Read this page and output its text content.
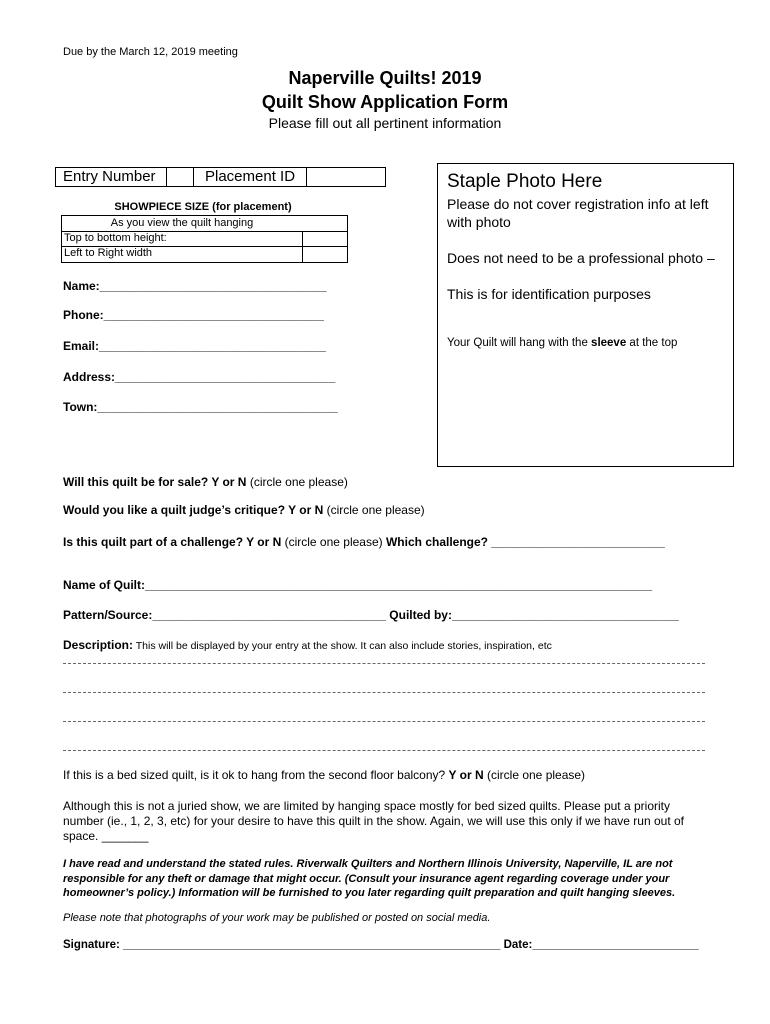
Due by the March 12, 2019 meeting
Naperville Quilts! 2019
Quilt Show Application Form
Please fill out all pertinent information
Entry Number	Placement ID
SHOWPIECE SIZE (for placement)
As you view the quilt hanging
Top to bottom height:
Left to Right width
Name:__________________________________
Phone:_________________________________
Email:__________________________________
Address:_________________________________
Town:____________________________________
Staple Photo Here
Please do not cover registration info at left with photo
Does not need to be a professional photo –
This is for identification purposes
Your Quilt will hang with the sleeve at the top
Will this quilt be for sale? Y or N (circle one please)
Would you like a quilt judge’s critique? Y or N (circle one please)
Is this quilt part of a challenge? Y or N (circle one please) Which challenge? __________________________
Name of Quilt:____________________________________________________________________________
Pattern/Source:___________________________________ Quilted by:__________________________________
Description: This will be displayed by your entry at the show. It can also include stories, inspiration, etc
If this is a bed sized quilt, is it ok to hang from the second floor balcony? Y or N (circle one please)
Although this is not a juried show, we are limited by hanging space mostly for bed sized quilts. Please put a priority number (ie., 1, 2, 3, etc) for your desire to have this quilt in the show. Again, we will use this only if we have run out of space. _______
I have read and understand the stated rules. Riverwalk Quilters and Northern Illinois University, Naperville, IL are not responsible for any theft or damage that might occur. (Consult your insurance agent regarding coverage under your homeowner’s policy.) Information will be furnished to you later regarding quilt preparation and quilt hanging sleeves.
Please note that photographs of your work may be published or posted on social media.
Signature: ___________________________________________________________ Date:__________________________
